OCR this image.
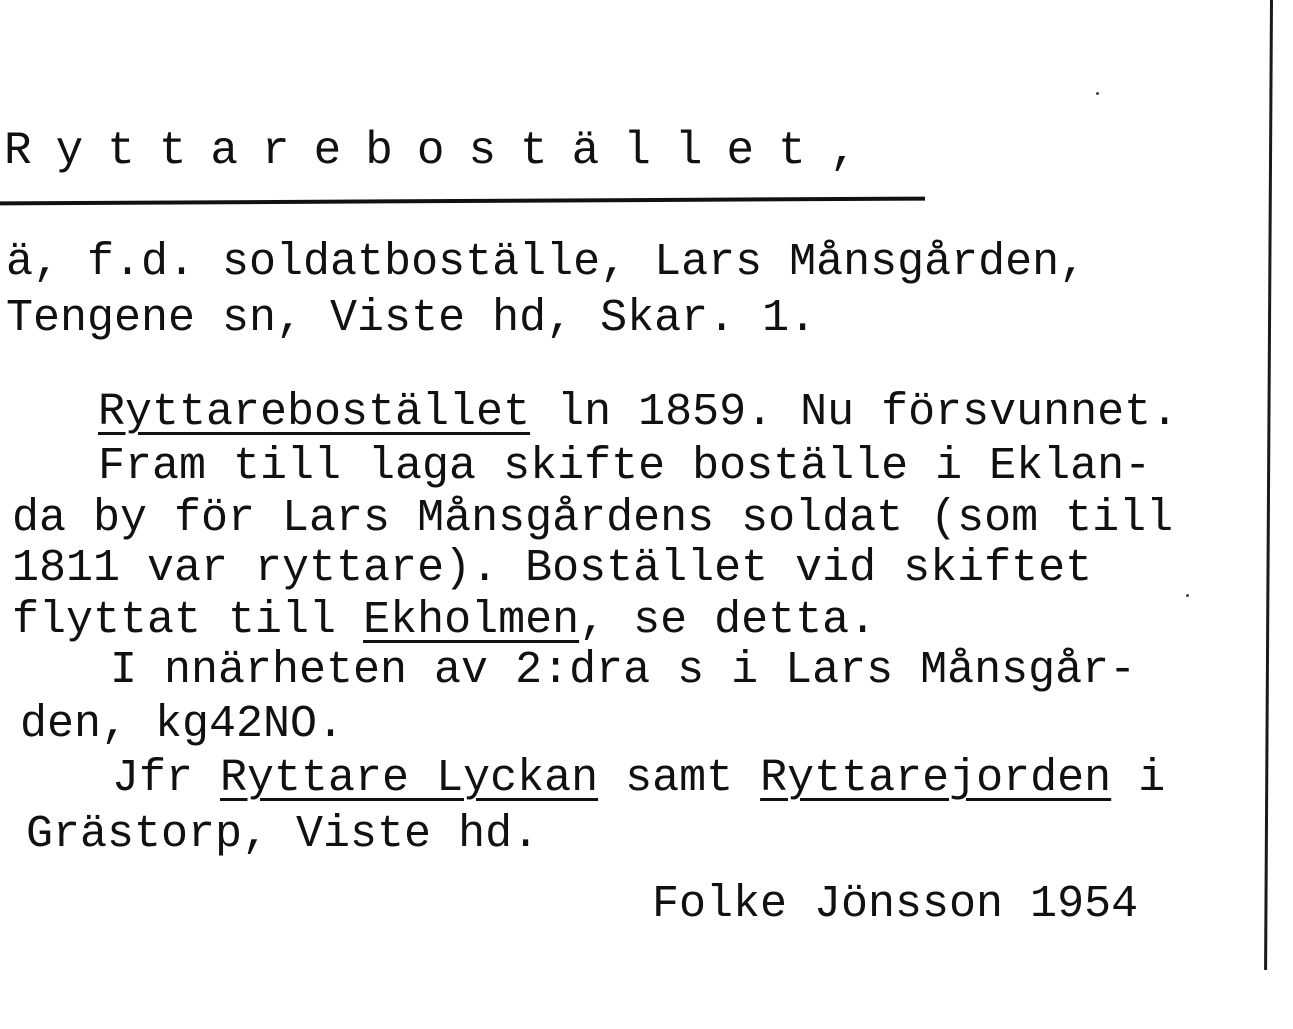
Ryttarebostället,
ä, f.d. soldatboställe, Lars Månsgården,
Tengene sn, Viste hd, Skar. 1.
Ryttarebostället ln 1859. Nu försvunnet.
Fram till laga skifte boställe i Eklan-
da by för Lars Månsgårdens soldat (som till
1811 var ryttare). Bostället vid skiftet
flyttat till Ekholmen, se detta.
I nnärheten av 2:dra s i Lars Månsgår-
den, kg42NO.
Jfr Ryttare Lyckan samt Ryttarejorden i
Grästorp, Viste hd.
Folke Jönsson 1954
